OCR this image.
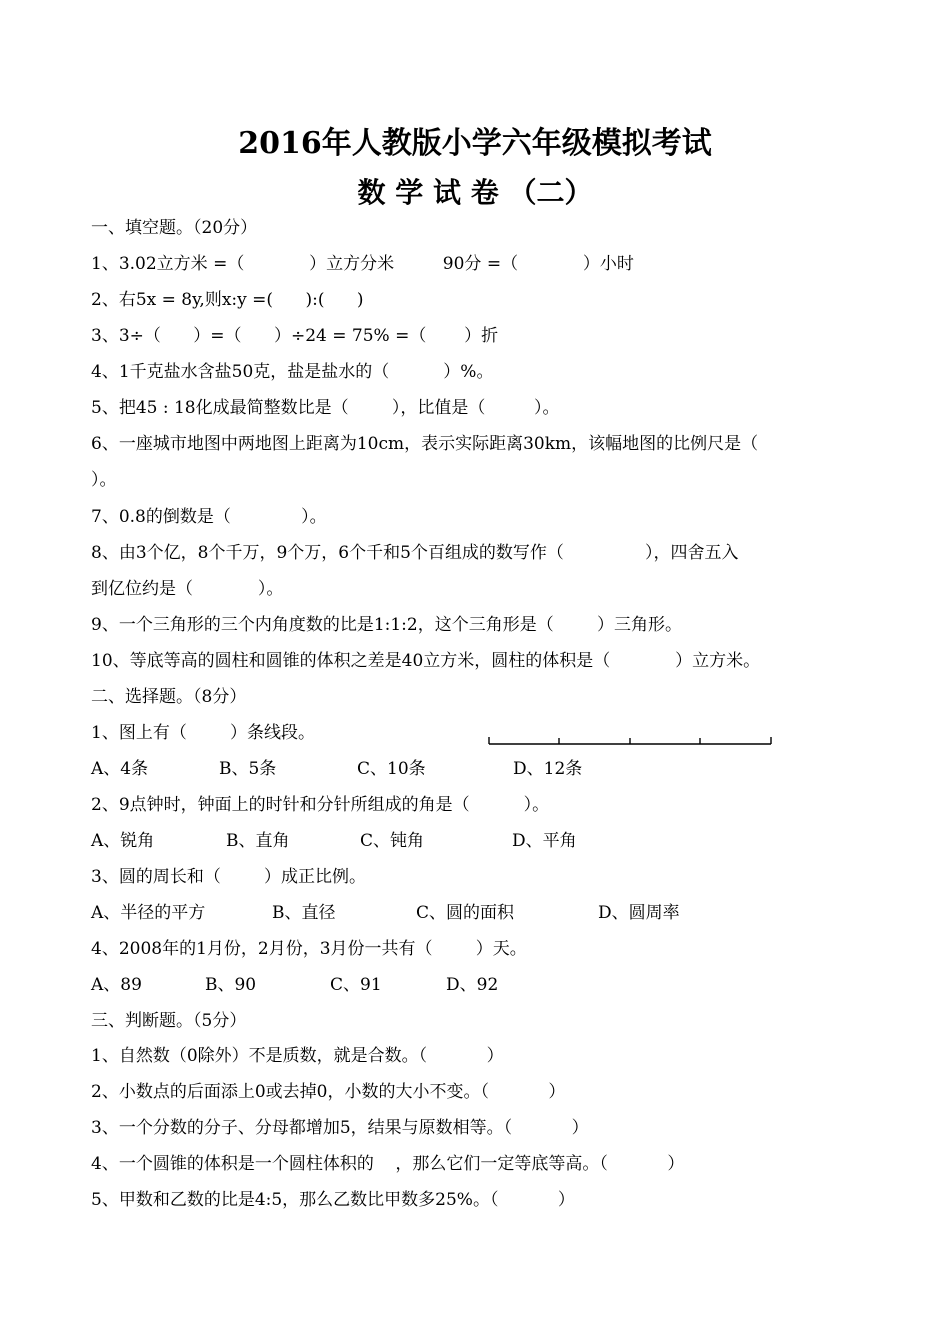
2016年人教版小学六年级模拟考试
数 学 试 卷 （二）
一、填空题。（20分）
1、3.02立方米 =（            ）立方分米         90分 =（            ）小时
2、右5x = 8y,则x:y =(      ):(      )
3、3÷（      ）=（      ）÷24 = 75% =（       ）折
4、1千克盐水含盐50克，盐是盐水的（          ）%。
5、把45 : 18化成最简整数比是（        ），比值是（         ）。
6、一座城市地图中两地图上距离为10cm，表示实际距离30km，该幅地图的比例尺是（
）。
7、0.8的倒数是（             ）。
8、由3个亿，8个千万，9个万，6个千和5个百组成的数写作（               ），四舍五入
到亿位约是（            ）。
9、一个三角形的三个内角度数的比是1:1:2，这个三角形是（        ）三角形。
10、等底等高的圆柱和圆锥的体积之差是40立方米，圆柱的体积是（            ）立方米。
二、选择题。（8分）
1、图上有（        ）条线段。
A、4条	B、5条	C、10条	D、12条
2、9点钟时，钟面上的时针和分针所组成的角是（          ）。
A、锐角	B、直角	C、钝角	D、平角
3、圆的周长和（        ）成正比例。
A、半径的平方	B、直径	C、圆的面积	D、圆周率
4、2008年的1月份，2月份，3月份一共有（        ）天。
A、89	B、90	C、91	D、92
三、判断题。（5分）
1、自然数（0除外）不是质数，就是合数。（           ）
2、小数点的后面添上0或去掉0，小数的大小不变。（           ）
3、一个分数的分子、分母都增加5，结果与原数相等。（           ）
4、一个圆锥的体积是一个圆柱体积的    ，那么它们一定等底等高。（           ）
5、甲数和乙数的比是4:5，那么乙数比甲数多25%。（           ）
